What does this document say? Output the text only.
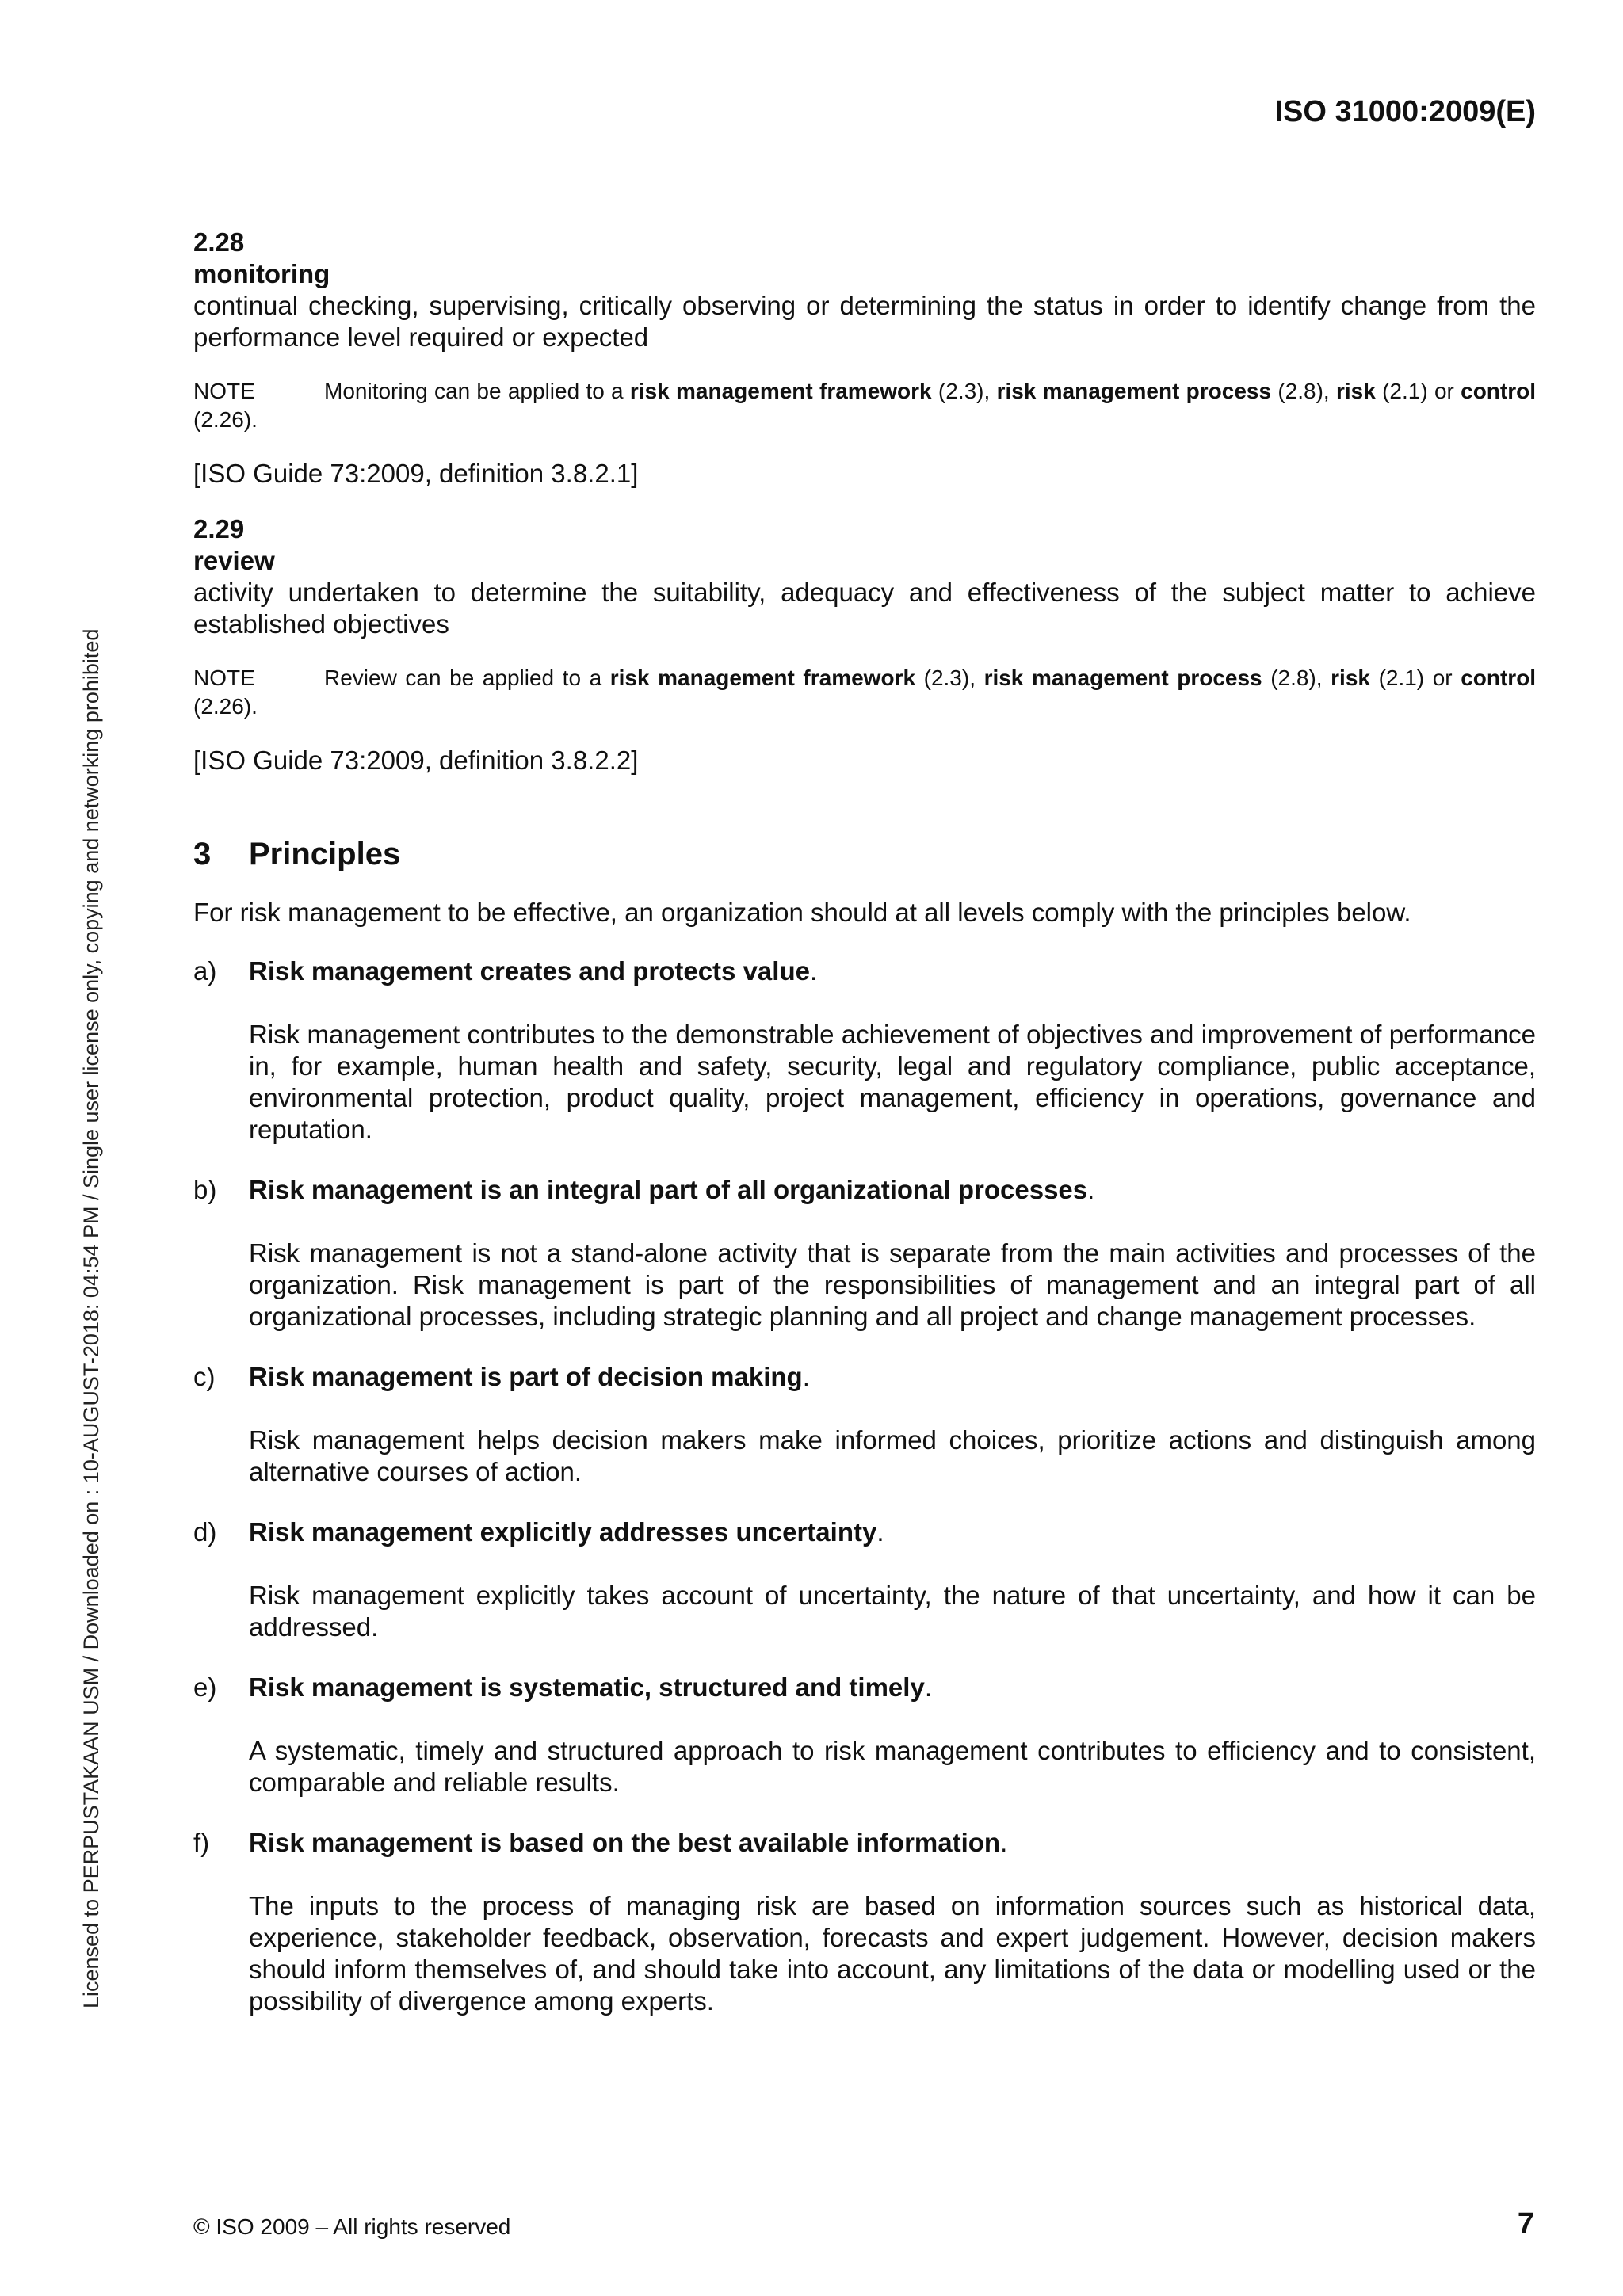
ISO 31000:2009(E)
Licensed to PERPUSTAKAAN USM / Downloaded on : 10-AUGUST-2018: 04:54 PM / Single user license only, copying and networking prohibited
2.28
monitoring
continual checking, supervising, critically observing or determining the status in order to identify change from the performance level required or expected
NOTE	Monitoring can be applied to a risk management framework (2.3), risk management process (2.8), risk (2.1) or control (2.26).
[ISO Guide 73:2009, definition 3.8.2.1]
2.29
review
activity undertaken to determine the suitability, adequacy and effectiveness of the subject matter to achieve established objectives
NOTE	Review can be applied to a risk management framework (2.3), risk management process (2.8), risk (2.1) or control (2.26).
[ISO Guide 73:2009, definition 3.8.2.2]
3 Principles
For risk management to be effective, an organization should at all levels comply with the principles below.
a) Risk management creates and protects value.
Risk management contributes to the demonstrable achievement of objectives and improvement of performance in, for example, human health and safety, security, legal and regulatory compliance, public acceptance, environmental protection, product quality, project management, efficiency in operations, governance and reputation.
b) Risk management is an integral part of all organizational processes.
Risk management is not a stand-alone activity that is separate from the main activities and processes of the organization. Risk management is part of the responsibilities of management and an integral part of all organizational processes, including strategic planning and all project and change management processes.
c) Risk management is part of decision making.
Risk management helps decision makers make informed choices, prioritize actions and distinguish among alternative courses of action.
d) Risk management explicitly addresses uncertainty.
Risk management explicitly takes account of uncertainty, the nature of that uncertainty, and how it can be addressed.
e) Risk management is systematic, structured and timely.
A systematic, timely and structured approach to risk management contributes to efficiency and to consistent, comparable and reliable results.
f) Risk management is based on the best available information.
The inputs to the process of managing risk are based on information sources such as historical data, experience, stakeholder feedback, observation, forecasts and expert judgement. However, decision makers should inform themselves of, and should take into account, any limitations of the data or modelling used or the possibility of divergence among experts.
© ISO 2009 – All rights reserved	7
